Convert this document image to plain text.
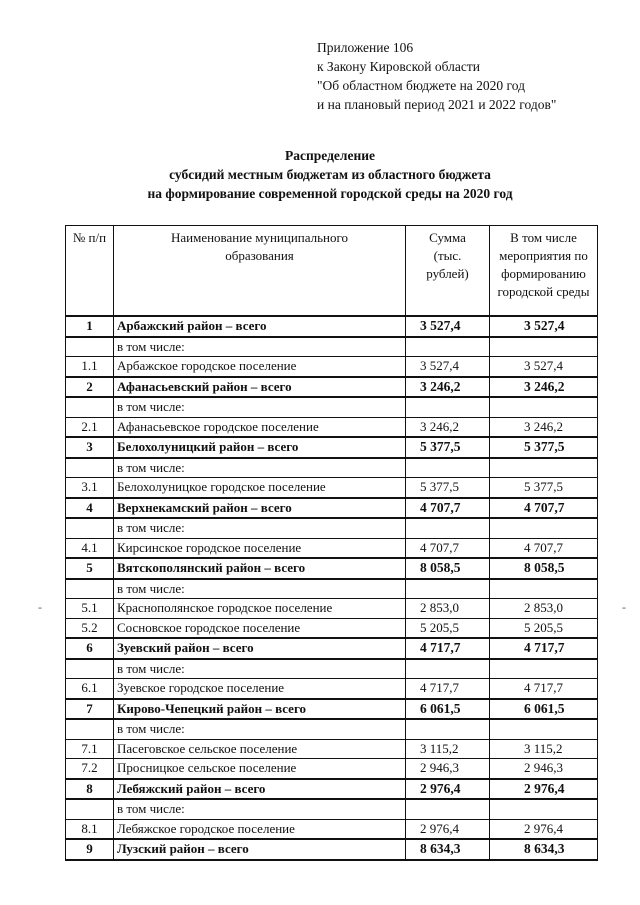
Приложение 106
к Закону Кировской области
"Об областном бюджете на 2020 год
и на плановый период 2021 и 2022 годов"
Распределение
субсидий местным бюджетам из областного бюджета
на формирование современной городской среды на 2020 год
№ п/п	Наименование муниципального образования	Сумма (тыс. рублей)	В том числе мероприятия по формированию городской среды
1	Арбажский район – всего	3 527,4	3 527,4
	в том числе:		
1.1	Арбажское городское поселение	3 527,4	3 527,4
2	Афанасьевский район – всего	3 246,2	3 246,2
	в том числе:		
2.1	Афанасьевское городское поселение	3 246,2	3 246,2
3	Белохолуницкий район – всего	5 377,5	5 377,5
	в том числе:		
3.1	Белохолуницкое городское поселение	5 377,5	5 377,5
4	Верхнекамский район – всего	4 707,7	4 707,7
	в том числе:		
4.1	Кирсинское городское поселение	4 707,7	4 707,7
5	Вятскополянский район – всего	8 058,5	8 058,5
	в том числе:		
5.1	Краснополянское городское поселение	2 853,0	2 853,0
5.2	Сосновское городское поселение	5 205,5	5 205,5
6	Зуевский район – всего	4 717,7	4 717,7
	в том числе:		
6.1	Зуевское городское поселение	4 717,7	4 717,7
7	Кирово-Чепецкий район – всего	6 061,5	6 061,5
	в том числе:		
7.1	Пасеговское сельское поселение	3 115,2	3 115,2
7.2	Просницкое сельское поселение	2 946,3	2 946,3
8	Лебяжский район – всего	2 976,4	2 976,4
	в том числе:		
8.1	Лебяжское городское поселение	2 976,4	2 976,4
9	Лузский район – всего	8 634,3	8 634,3
-	-
